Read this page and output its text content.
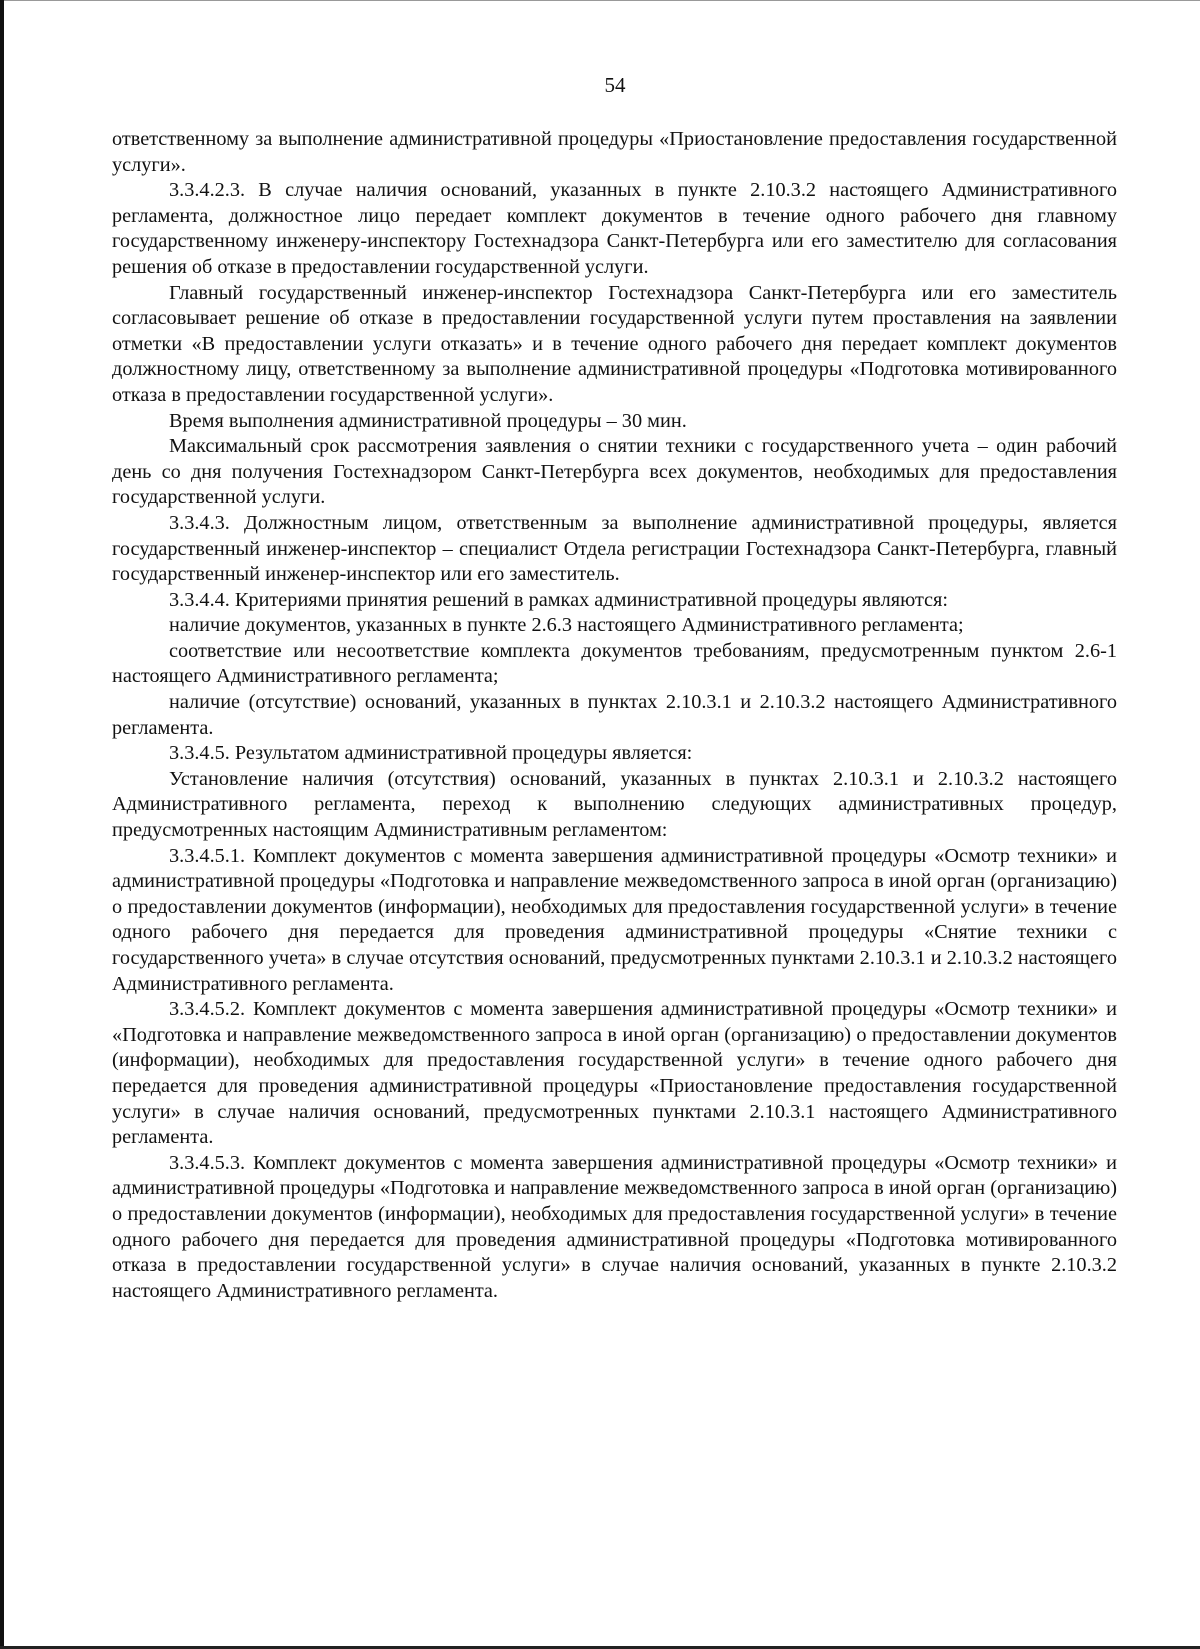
54

ответственному за выполнение административной процедуры «Приостановление предоставления государственной услуги».

3.3.4.2.3. В случае наличия оснований, указанных в пункте 2.10.3.2 настоящего Административного регламента, должностное лицо передает комплект документов в течение одного рабочего дня главному государственному инженеру-инспектору Гостехнадзора Санкт-Петербурга или его заместителю для согласования решения об отказе в предоставлении государственной услуги.

Главный государственный инженер-инспектор Гостехнадзора Санкт-Петербурга или его заместитель согласовывает решение об отказе в предоставлении государственной услуги путем проставления на заявлении отметки «В предоставлении услуги отказать» и в течение одного рабочего дня передает комплект документов должностному лицу, ответственному за выполнение административной процедуры «Подготовка мотивированного отказа в предоставлении государственной услуги».

Время выполнения административной процедуры – 30 мин.

Максимальный срок рассмотрения заявления о снятии техники с государственного учета – один рабочий день со дня получения Гостехнадзором Санкт-Петербурга всех документов, необходимых для предоставления государственной услуги.

3.3.4.3. Должностным лицом, ответственным за выполнение административной процедуры, является государственный инженер-инспектор – специалист Отдела регистрации Гостехнадзора Санкт-Петербурга, главный государственный инженер-инспектор или его заместитель.

3.3.4.4. Критериями принятия решений в рамках административной процедуры являются:

наличие документов, указанных в пункте 2.6.3 настоящего Административного регламента;

соответствие или несоответствие комплекта документов требованиям, предусмотренным пунктом 2.6-1 настоящего Административного регламента;

наличие (отсутствие) оснований, указанных в пунктах 2.10.3.1 и 2.10.3.2 настоящего Административного регламента.

3.3.4.5. Результатом административной процедуры является:

Установление наличия (отсутствия) оснований, указанных в пунктах 2.10.3.1 и 2.10.3.2 настоящего Административного регламента, переход к выполнению следующих административных процедур, предусмотренных настоящим Административным регламентом:

3.3.4.5.1. Комплект документов с момента завершения административной процедуры «Осмотр техники» и административной процедуры «Подготовка и направление межведомственного запроса в иной орган (организацию) о предоставлении документов (информации), необходимых для предоставления государственной услуги» в течение одного рабочего дня передается для проведения административной процедуры «Снятие техники с государственного учета» в случае отсутствия оснований, предусмотренных пунктами 2.10.3.1 и 2.10.3.2 настоящего Административного регламента.

3.3.4.5.2. Комплект документов с момента завершения административной процедуры «Осмотр техники» и «Подготовка и направление межведомственного запроса в иной орган (организацию) о предоставлении документов (информации), необходимых для предоставления государственной услуги» в течение одного рабочего дня передается для проведения административной процедуры «Приостановление предоставления государственной услуги» в случае наличия оснований, предусмотренных пунктами 2.10.3.1 настоящего Административного регламента.

3.3.4.5.3. Комплект документов с момента завершения административной процедуры «Осмотр техники» и административной процедуры «Подготовка и направление межведомственного запроса в иной орган (организацию) о предоставлении документов (информации), необходимых для предоставления государственной услуги» в течение одного рабочего дня передается для проведения административной процедуры «Подготовка мотивированного отказа в предоставлении государственной услуги» в случае наличия оснований, указанных в пункте 2.10.3.2 настоящего Административного регламента.
